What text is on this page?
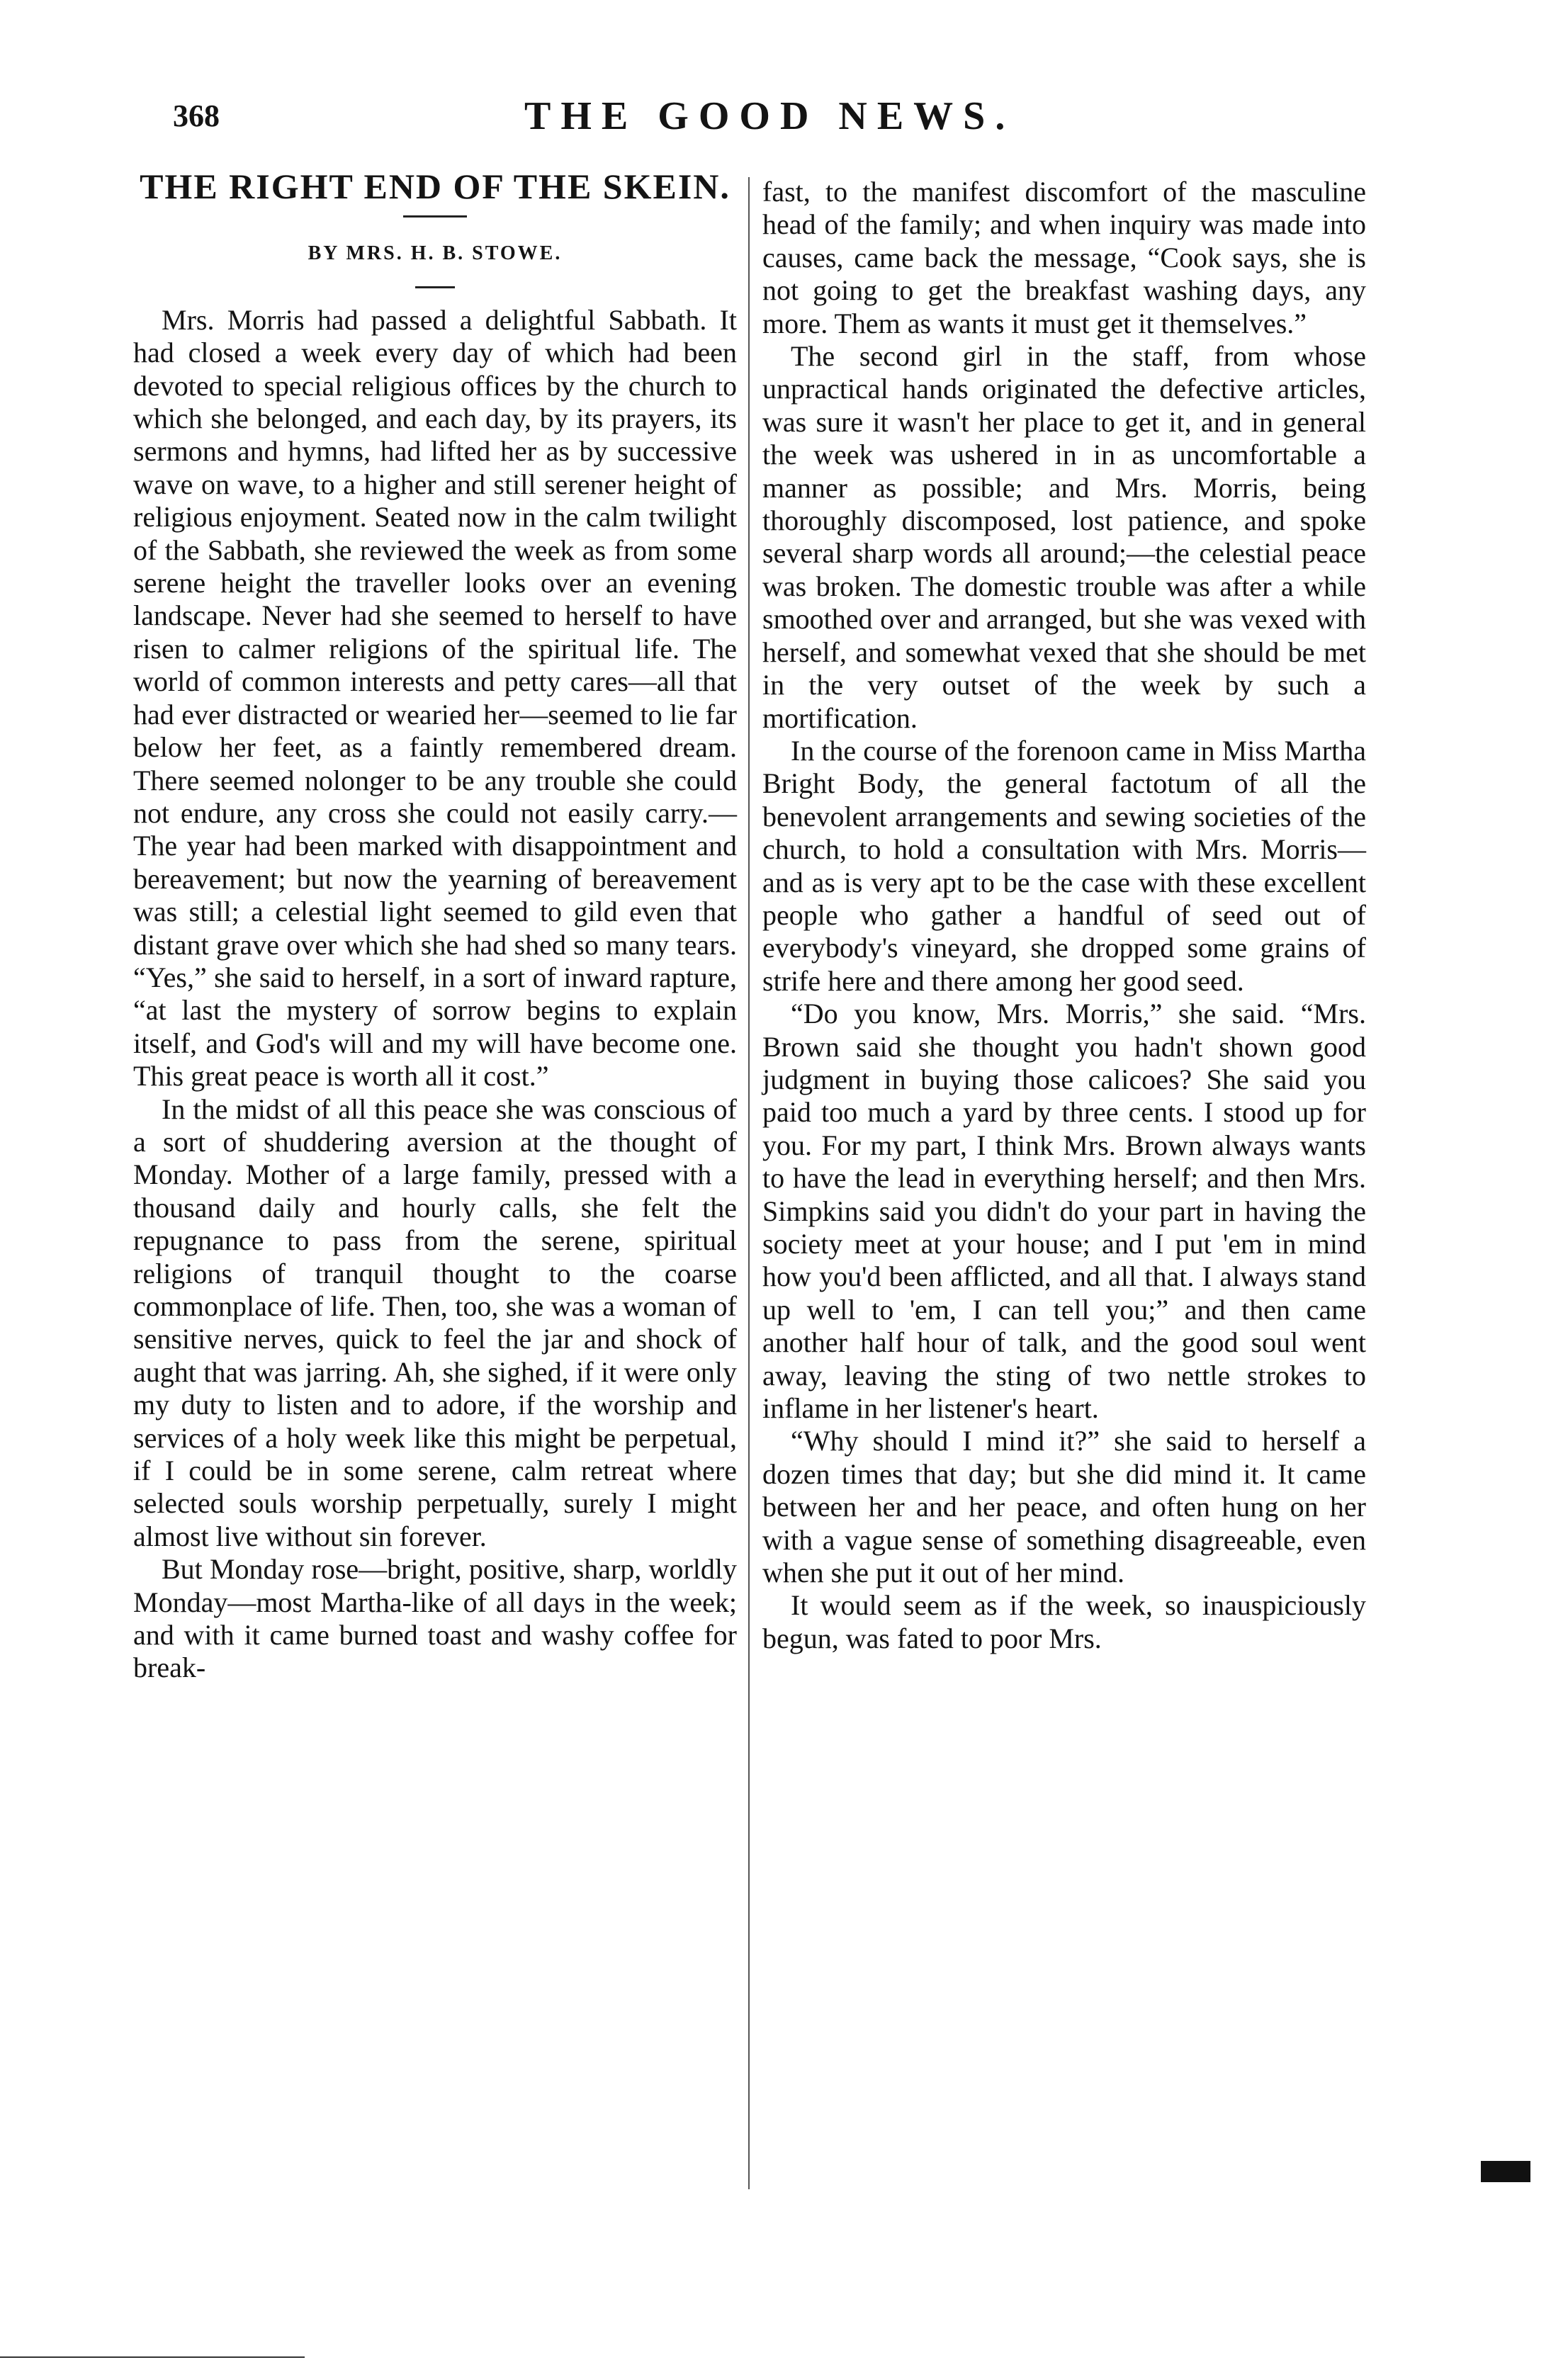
368	THE GOOD NEWS.
THE RIGHT END OF THE SKEIN.
BY MRS. H. B. STOWE.

Mrs. Morris had passed a delightful Sabbath. It had closed a week every day of which had been devoted to special religious offices by the church to which she belonged, and each day, by its prayers, its sermons and hymns, had lifted her as by successive wave on wave, to a higher and still serener height of religious enjoyment. Seated now in the calm twilight of the Sabbath, she reviewed the week as from some serene height the traveller looks over an evening landscape. Never had she seemed to herself to have risen to calmer religions of the spiritual life. The world of common interests and petty cares—all that had ever distracted or wearied her—seemed to lie far below her feet, as a faintly remembered dream. There seemed nolonger to be any trouble she could not endure, any cross she could not easily carry.—The year had been marked with disappointment and bereavement; but now the yearning of bereavement was still; a celestial light seemed to gild even that distant grave over which she had shed so many tears. “Yes,” she said to herself, in a sort of inward rapture, “at last the mystery of sorrow begins to explain itself, and God's will and my will have become one. This great peace is worth all it cost.”

In the midst of all this peace she was conscious of a sort of shuddering aversion at the thought of Monday. Mother of a large family, pressed with a thousand daily and hourly calls, she felt the repugnance to pass from the serene, spiritual religions of tranquil thought to the coarse commonplace of life. Then, too, she was a woman of sensitive nerves, quick to feel the jar and shock of aught that was jarring. Ah, she sighed, if it were only my duty to listen and to adore, if the worship and services of a holy week like this might be perpetual, if I could be in some serene, calm retreat where selected souls worship perpetually, surely I might almost live without sin forever.

But Monday rose—bright, positive, sharp, worldly Monday—most Martha-like of all days in the week; and with it came burned toast and washy coffee for break-

fast, to the manifest discomfort of the masculine head of the family; and when inquiry was made into causes, came back the message, “Cook says, she is not going to get the breakfast washing days, any more. Them as wants it must get it themselves.”

The second girl in the staff, from whose unpractical hands originated the defective articles, was sure it wasn't her place to get it, and in general the week was ushered in in as uncomfortable a manner as possible; and Mrs. Morris, being thoroughly discomposed, lost patience, and spoke several sharp words all around;—the celestial peace was broken. The domestic trouble was after a while smoothed over and arranged, but she was vexed with herself, and somewhat vexed that she should be met in the very outset of the week by such a mortification.

In the course of the forenoon came in Miss Martha Bright Body, the general factotum of all the benevolent arrangements and sewing societies of the church, to hold a consultation with Mrs. Morris—and as is very apt to be the case with these excellent people who gather a handful of seed out of everybody's vineyard, she dropped some grains of strife here and there among her good seed.

“Do you know, Mrs. Morris,” she said. “Mrs. Brown said she thought you hadn't shown good judgment in buying those calicoes? She said you paid too much a yard by three cents. I stood up for you. For my part, I think Mrs. Brown always wants to have the lead in everything herself; and then Mrs. Simpkins said you didn't do your part in having the society meet at your house; and I put 'em in mind how you'd been afflicted, and all that. I always stand up well to 'em, I can tell you;” and then came another half hour of talk, and the good soul went away, leaving the sting of two nettle strokes to inflame in her listener's heart.

“Why should I mind it?” she said to herself a dozen times that day; but she did mind it. It came between her and her peace, and often hung on her with a vague sense of something disagreeable, even when she put it out of her mind.

It would seem as if the week, so inauspiciously begun, was fated to poor Mrs.
